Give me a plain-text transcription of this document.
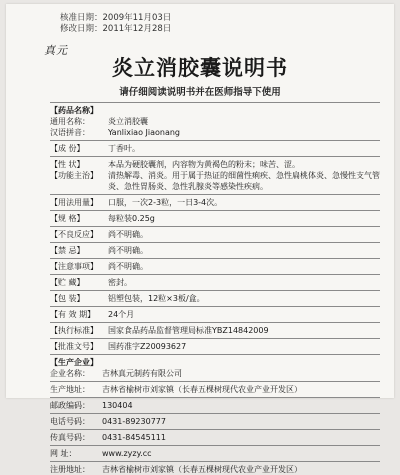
核准日期：2009年11月03日
修改日期：2011年12月28日
真元
炎立消胶囊说明书
请仔细阅读说明书并在医师指导下使用
【药品名称】
通用名称：	炎立消胶囊
汉语拼音：	Yanlixiao Jiaonang
【成 份】	丁香叶。
【性 状】	本品为硬胶囊剂，内容物为黄褐色的粉末；味苦、涩。
【功能主治】	清热解毒、消炎。用于属于热证的细菌性痢疾、急性扁桃体炎、急慢性支气管炎、急性胃肠炎、急性乳腺炎等感染性疾病。
【用法用量】	口服，一次2-3粒，一日3-4次。
【规 格】	每粒装0.25g
【不良反应】	尚不明确。
【禁 忌】	尚不明确。
【注意事项】	尚不明确。
【贮 藏】	密封。
【包 装】	铝塑包装，12粒×3板/盒。
【有 效 期】	24个月
【执行标准】	国家食品药品监督管理局标准YBZ14842009
【批准文号】	国药准字Z20093627
【生产企业】
企业名称：	吉林真元制药有限公司
生产地址：	吉林省榆树市刘家镇（长春五棵树现代农业产业开发区）
邮政编码：	130404
电话号码：	0431-89230777
传真号码：	0431-84545111
网 址：	www.zyzy.cc
注册地址：	吉林省榆树市刘家镇（长春五棵树现代农业产业开发区）
